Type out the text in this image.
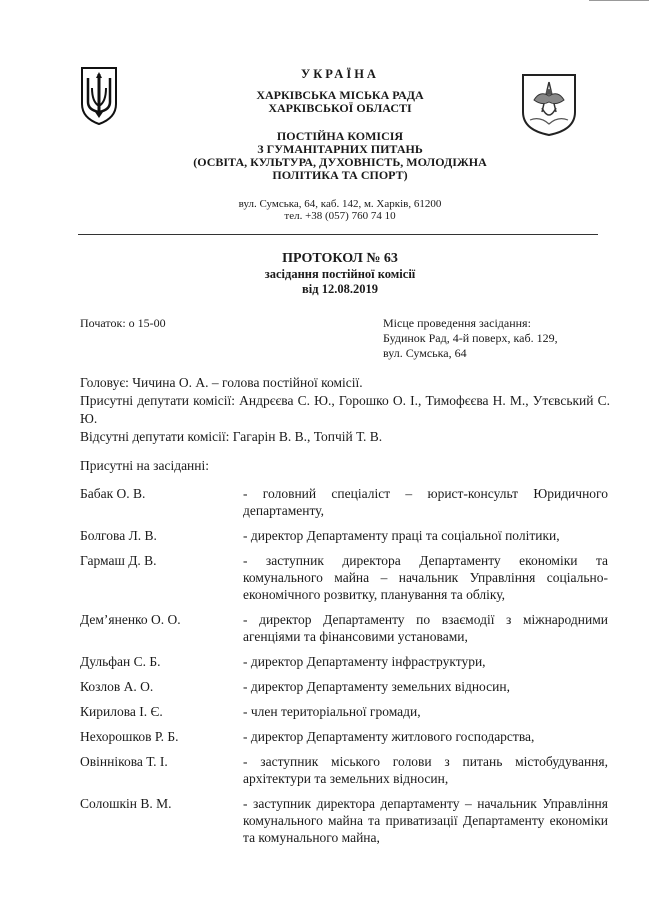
УКРАЇНА
ХАРКІВСЬКА МІСЬКА РАДА
ХАРКІВСЬКОЇ ОБЛАСТІ
ПОСТІЙНА КОМІСІЯ
З ГУМАНІТАРНИХ ПИТАНЬ
(ОСВІТА, КУЛЬТУРА, ДУХОВНІСТЬ, МОЛОДІЖНА
ПОЛІТИКА ТА СПОРТ)
вул. Сумська, 64, каб. 142, м. Харків, 61200
тел. +38 (057) 760 74 10
ПРОТОКОЛ № 63
засідання постійної комісії
від 12.08.2019
Початок: о 15-00	Місце проведення засідання:
Будинок Рад, 4-й поверх, каб. 129,
вул. Сумська, 64

Головує: Чичина О. А. – голова постійної комісії.

Присутні депутати комісії: Андрєєва С. Ю., Горошко О. І., Тимофєєва Н. М., Утєвський С. Ю.

Відсутні депутати комісії: Гагарін В. В., Топчій Т. В.

Присутні на засіданні:
Бабак О. В.	- головний спеціаліст – юрист-консульт Юридичного департаменту,
Болгова Л. В.	- директор Департаменту праці та соціальної політики,
Гармаш Д. В.	- заступник директора Департаменту економіки та комунального майна – начальник Управління соціально-економічного розвитку, планування та обліку,
Дем’яненко О. О.	- директор Департаменту по взаємодії з міжнародними агенціями та фінансовими установами,
Дульфан С. Б.	- директор Департаменту інфраструктури,
Козлов А. О.	- директор Департаменту земельних відносин,
Кирилова І. Є.	- член територіальної громади,
Нехорошков Р. Б.	- директор Департаменту житлового господарства,
Овіннікова Т. І.	- заступник міського голови з питань містобудування, архітектури та земельних відносин,
Солошкін В. М.	- заступник директора департаменту – начальник Управління комунального майна та приватизації Департаменту економіки та комунального майна,
